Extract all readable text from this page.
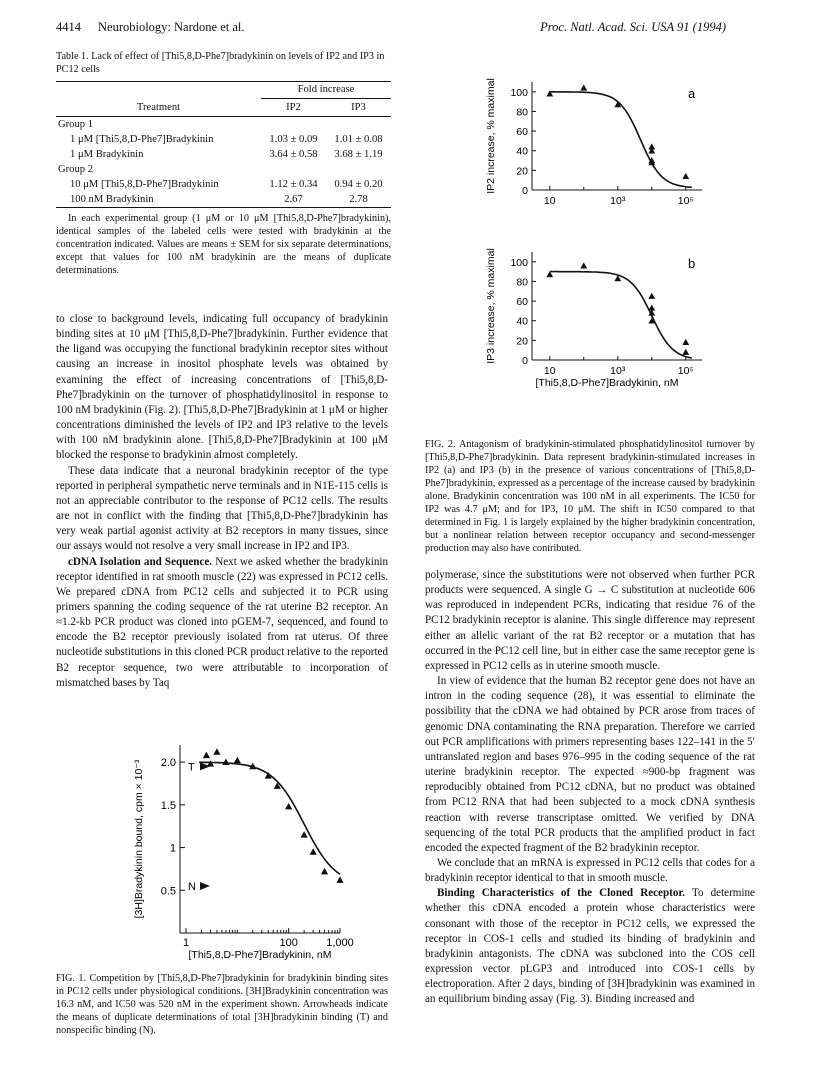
4414 Neurobiology: Nardone et al.	Proc. Natl. Acad. Sci. USA 91 (1994)
Table 1. Lack of effect of [Thi5,8,D-Phe7]bradykinin on levels of IP2 and IP3 in PC12 cells
	Fold increase	
Treatment	IP2	IP3
Group 1		
1 μM [Thi5,8,D-Phe7]Bradykinin	1.03 ± 0.09	1.01 ± 0.08
1 μM Bradykinin	3.64 ± 0.58	3.68 ± 1.19
Group 2		
10 μM [Thi5,8,D-Phe7]Bradykinin	1.12 ± 0.34	0.94 ± 0.20
100 nM Bradykinin	2.67	2.78
In each experimental group (1 μM or 10 μM [Thi5,8,D-Phe7]bradykinin), identical samples of the labeled cells were tested with bradykinin at the concentration indicated. Values are means ± SEM for six separate determinations, except that values for 100 nM bradykinin are the means of duplicate determinations.

to close to background levels, indicating full occupancy of bradykinin binding sites at 10 μM [Thi5,8,D-Phe7]bradykinin. Further evidence that the ligand was occupying the functional bradykinin receptor sites without causing an increase in inositol phosphate levels was obtained by examining the effect of increasing concentrations of [Thi5,8,D-Phe7]bradykinin on the turnover of phosphatidylinositol in response to 100 nM bradykinin (Fig. 2). [Thi5,8,D-Phe7]Bradykinin at 1 μM or higher concentrations diminished the levels of IP2 and IP3 relative to the levels with 100 nM bradykinin alone. [Thi5,8,D-Phe7]Bradykinin at 100 μM blocked the response to bradykinin almost completely.

These data indicate that a neuronal bradykinin receptor of the type reported in peripheral sympathetic nerve terminals and in N1E-115 cells is not an appreciable contributor to the response of PC12 cells. The results are not in conflict with the finding that [Thi5,8,D-Phe7]bradykinin has very weak partial agonist activity at B2 receptors in many tissues, since our assays would not resolve a very small increase in IP2 and IP3.

cDNA Isolation and Sequence. Next we asked whether the bradykinin receptor identified in rat smooth muscle (22) was expressed in PC12 cells. We prepared cDNA from PC12 cells and subjected it to PCR using primers spanning the coding sequence of the rat uterine B2 receptor. An ≈1.2-kb PCR product was cloned into pGEM-7, sequenced, and found to encode the B2 receptor previously isolated from rat uterus. Of three nucleotide substitutions in this cloned PCR product relative to the reported B2 receptor sequence, two were attributable to incorporation of mismatched bases by Taq

0.5
1
1.5
2.0
1	100	1,000
T
N
[3H]Bradykinin bound, cpm × 10⁻³
[Thi5,8,D-Phe7]Bradykinin, nM
FIG. 1. Competition by [Thi5,8,D-Phe7]bradykinin for bradykinin binding sites in PC12 cells under physiological conditions. [3H]Bradykinin concentration was 16.3 nM, and IC50 was 520 nM in the experiment shown. Arrowheads indicate the means of duplicate determinations of total [3H]bradykinin binding (T) and nonspecific binding (N).
0
20
40
60
80
100
10	10³	10⁵
a
IP2 increase, % maximal
0
20
40
60
80
100
10	10³	10⁵
b
IP3 increase, % maximal
[Thi5,8,D-Phe7]Bradykinin, nM
FIG. 2. Antagonism of bradykinin-stimulated phosphatidylinositol turnover by [Thi5,8,D-Phe7]bradykinin. Data represent bradykinin-stimulated increases in IP2 (a) and IP3 (b) in the presence of various concentrations of [Thi5,8,D-Phe7]bradykinin, expressed as a percentage of the increase caused by bradykinin alone. Bradykinin concentration was 100 nM in all experiments. The IC50 for IP2 was 4.7 μM; and for IP3, 10 μM. The shift in IC50 compared to that determined in Fig. 1 is largely explained by the higher bradykinin concentration, but a nonlinear relation between receptor occupancy and second-messenger production may also have contributed.

polymerase, since the substitutions were not observed when further PCR products were sequenced. A single G → C substitution at nucleotide 606 was reproduced in independent PCRs, indicating that residue 76 of the PC12 bradykinin receptor is alanine. This single difference may represent either an allelic variant of the rat B2 receptor or a mutation that has occurred in the PC12 cell line, but in either case the same receptor gene is expressed in PC12 cells as in uterine smooth muscle.

In view of evidence that the human B2 receptor gene does not have an intron in the coding sequence (28), it was essential to eliminate the possibility that the cDNA we had obtained by PCR arose from traces of genomic DNA contaminating the RNA preparation. Therefore we carried out PCR amplifications with primers representing bases 122–141 in the 5′ untranslated region and bases 976–995 in the coding sequence of the rat uterine bradykinin receptor. The expected ≈900-bp fragment was reproducibly obtained from PC12 cDNA, but no product was obtained from PC12 RNA that had been subjected to a mock cDNA synthesis reaction with reverse transcriptase omitted. We verified by DNA sequencing of the total PCR products that the amplified product in fact encoded the expected fragment of the B2 bradykinin receptor.

We conclude that an mRNA is expressed in PC12 cells that codes for a bradykinin receptor identical to that in smooth muscle.

Binding Characteristics of the Cloned Receptor. To determine whether this cDNA encoded a protein whose characteristics were consonant with those of the receptor in PC12 cells, we expressed the receptor in COS-1 cells and studied its binding of bradykinin and bradykinin antagonists. The cDNA was subcloned into the COS cell expression vector pLGP3 and introduced into COS-1 cells by electroporation. After 2 days, binding of [3H]bradykinin was examined in an equilibrium binding assay (Fig. 3). Binding increased and
